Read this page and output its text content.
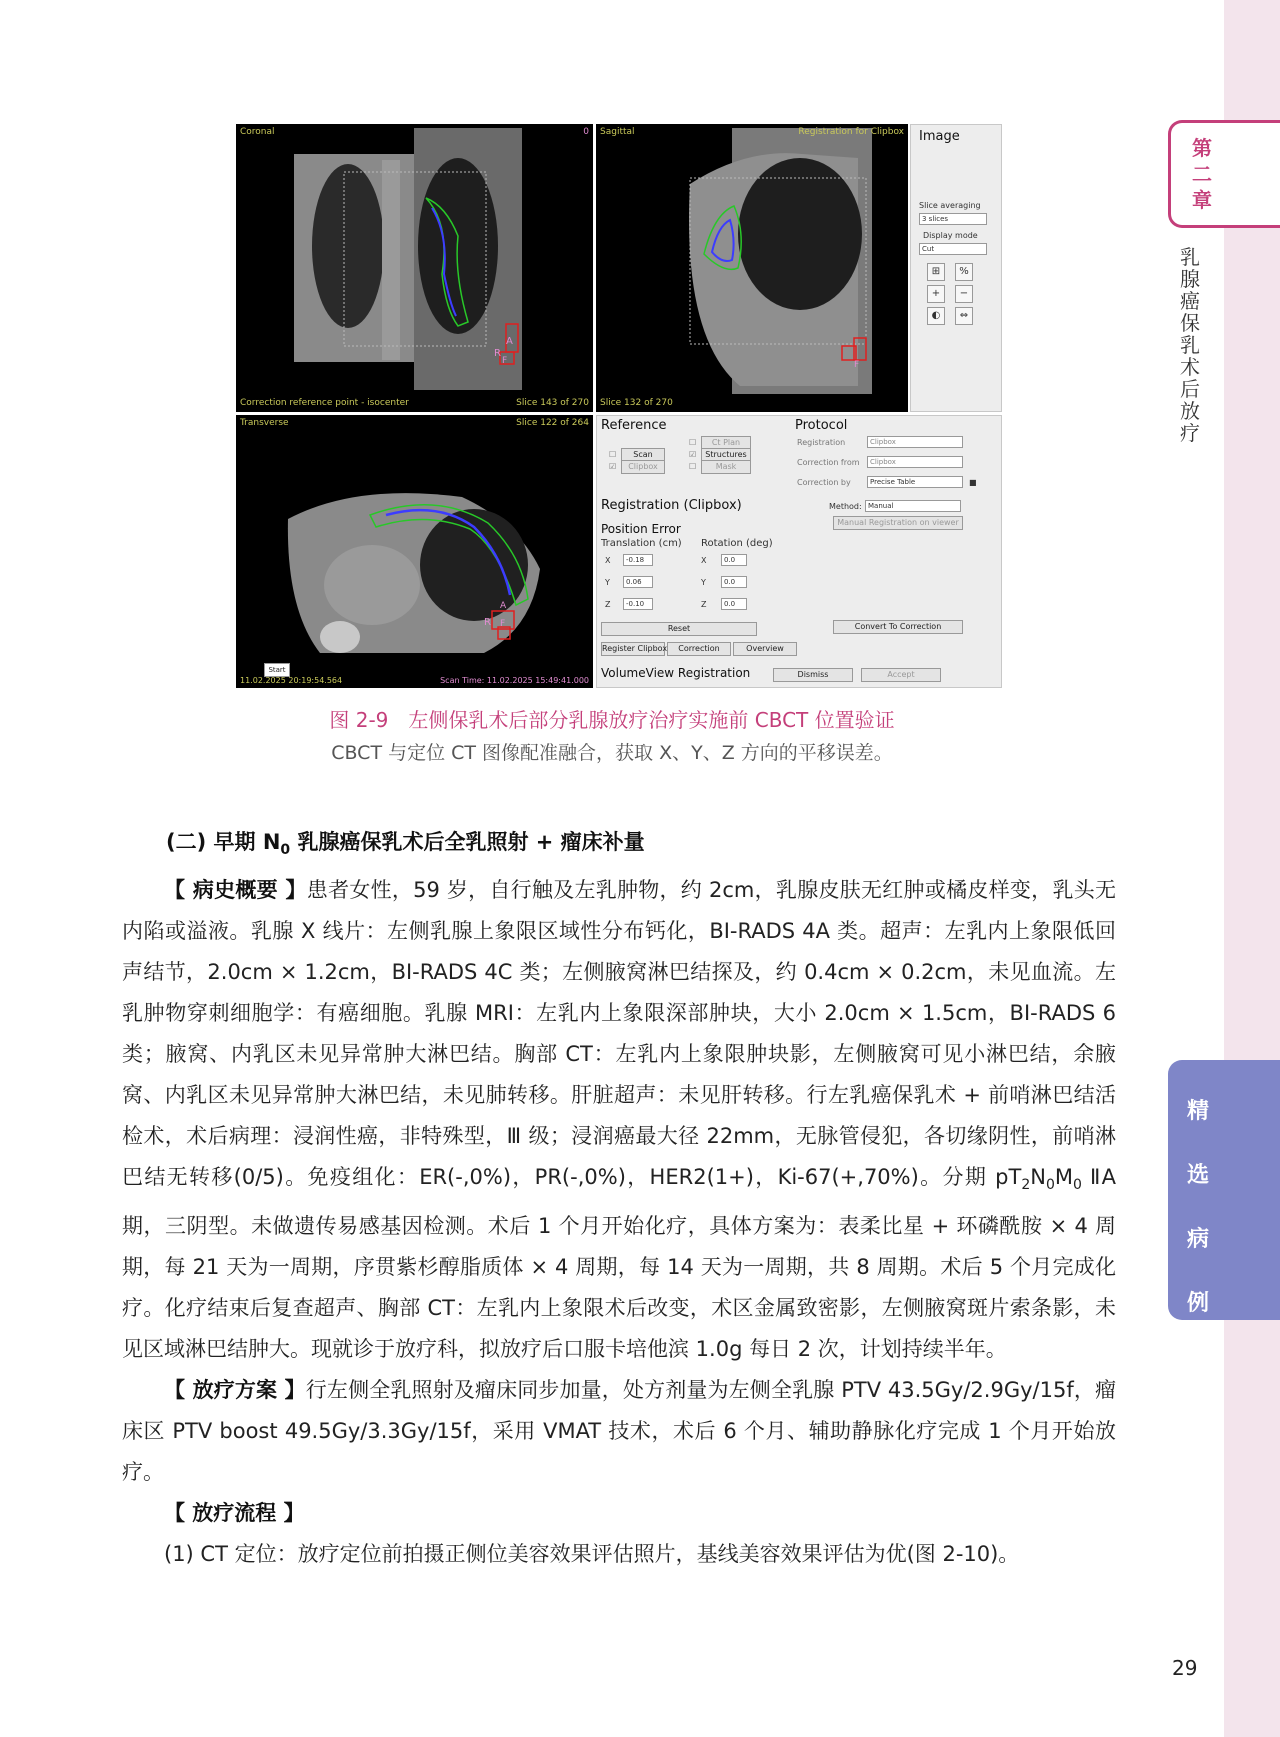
第二章
乳腺癌保乳术后放疗
精选病例
Coronal	0
R
A
F
Correction reference point - isocenter	Slice 143 of 270
Sagittal	Registration for Clipbox
F
Slice 132 of 270
Image
Slice averaging
3 slices
Display mode
Cut
⊞	%
+	−
◐	⇔
Transverse	Slice 122 of 264
R
A
F
Start
11.02.2025 20:19:54.564	Scan Time: 11.02.2025 15:49:41.000
Reference	Protocol
☐	Scan
☑	Clipbox
☐	Ct Plan
☑	Structures
☐	Mask
Registration	Clipbox
Correction from	Clipbox
Correction by	Precise Table	■
Registration (Clipbox)	Method: Manual
Manual Registration on viewer
Position Error
Translation (cm) Rotation (deg)
X	-0.18
Y	0.06
Z	-0.10
X	0.0
Y	0.0
Z	0.0
Reset	Convert To Correction
Register Clipbox	Correction	Overview
VolumeView Registration	Dismiss	Accept
图 2-9　左侧保乳术后部分乳腺放疗治疗实施前 CBCT 位置验证
CBCT 与定位 CT 图像配准融合，获取 X、Y、Z 方向的平移误差。
(二) 早期 $N_0$ 乳腺癌保乳术后全乳照射 + 瘤床补量

【 病史概要 】患者女性，59 岁，自行触及左乳肿物，约 2cm，乳腺皮肤无红肿或橘皮样变，乳头无内陷或溢液。乳腺 X 线片：左侧乳腺上象限区域性分布钙化，BI-RADS 4A 类。超声：左乳内上象限低回声结节，2.0cm × 1.2cm，BI-RADS 4C 类；左侧腋窝淋巴结探及，约 0.4cm × 0.2cm，未见血流。左乳肿物穿刺细胞学：有癌细胞。乳腺 MRI：左乳内上象限深部肿块，大小 2.0cm × 1.5cm，BI-RADS 6 类；腋窝、内乳区未见异常肿大淋巴结。胸部 CT：左乳内上象限肿块影，左侧腋窝可见小淋巴结，余腋窝、内乳区未见异常肿大淋巴结，未见肺转移。肝脏超声：未见肝转移。行左乳癌保乳术 + 前哨淋巴结活检术，术后病理：浸润性癌，非特殊型，Ⅲ 级；浸润癌最大径 22mm，无脉管侵犯，各切缘阴性，前哨淋巴结无转移(0/5)。免疫组化：ER(-,0%)，PR(-,0%)，HER2(1+)，Ki-67(+,70%)。分期 $pT_2N_0M_0$ ⅡA 期，三阴型。未做遗传易感基因检测。术后 1 个月开始化疗，具体方案为：表柔比星 + 环磷酰胺 × 4 周期，每 21 天为一周期，序贯紫杉醇脂质体 × 4 周期，每 14 天为一周期，共 8 周期。术后 5 个月完成化疗。化疗结束后复查超声、胸部 CT：左乳内上象限术后改变，术区金属致密影，左侧腋窝斑片索条影，未见区域淋巴结肿大。现就诊于放疗科，拟放疗后口服卡培他滨 1.0g 每日 2 次，计划持续半年。

【 放疗方案 】行左侧全乳照射及瘤床同步加量，处方剂量为左侧全乳腺 PTV 43.5Gy/2.9Gy/15f，瘤床区 PTV boost 49.5Gy/3.3Gy/15f，采用 VMAT 技术，术后 6 个月、辅助静脉化疗完成 1 个月开始放疗。

【 放疗流程 】

(1) CT 定位：放疗定位前拍摄正侧位美容效果评估照片，基线美容效果评估为优(图 2-10)。

29
